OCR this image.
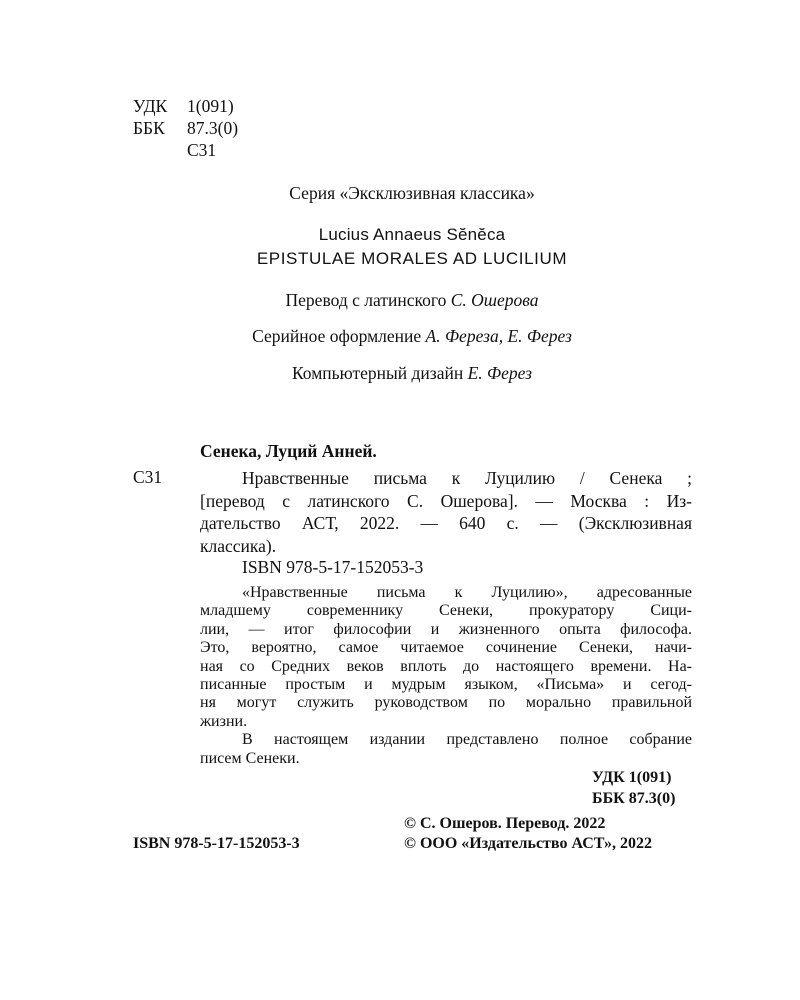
УДК 1(091)
ББК 87.3(0)
С31
Серия «Эксклюзивная классика»
Lucius Annaeus Sĕnĕca
EPISTULAE MORALES AD LUCILIUM
Перевод с латинского С. Ошерова
Серийное оформление А. Фереза, Е. Ферез
Компьютерный дизайн Е. Ферез
Сенека, Луций Анней.
С31	Нравственные письма к Луцилию / Сенека ;
[перевод с латинского С. Ошерова]. — Москва : Из-
дательство АСТ, 2022. — 640 с. — (Эксклюзивная
классика).
ISBN 978-5-17-152053-3
«Нравственные письма к Луцилию», адресованные
младшему современнику Сенеки, прокуратору Сици-
лии, — итог философии и жизненного опыта философа.
Это, вероятно, самое читаемое сочинение Сенеки, начи-
ная со Средних веков вплоть до настоящего времени. На-
писанные простым и мудрым языком, «Письма» и сегод-
ня могут служить руководством по морально правильной
жизни.
В настоящем издании представлено полное собрание
писем Сенеки.
УДК 1(091)
ББК 87.3(0)
© С. Ошеров. Перевод. 2022
ISBN 978-5-17-152053-3	© ООО «Издательство АСТ», 2022
